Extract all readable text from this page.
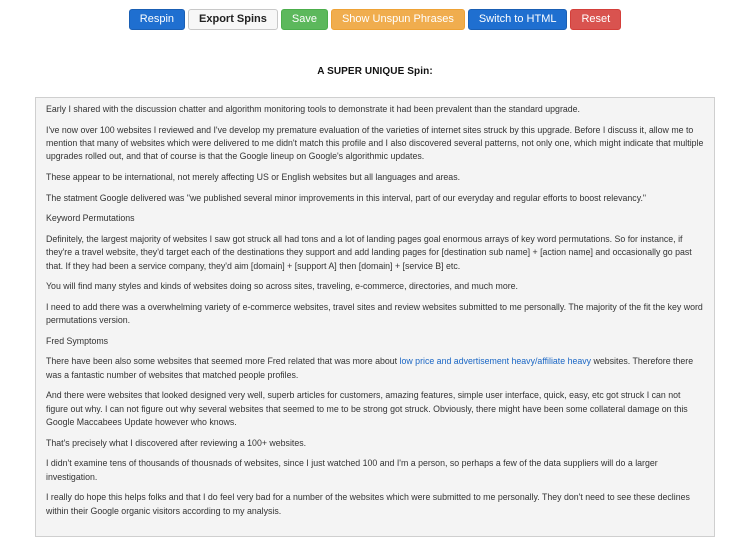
Respin	Export Spins	Save	Show Unspun Phrases	Switch to HTML	Reset
A SUPER UNIQUE Spin:

Early I shared with the discussion chatter and algorithm monitoring tools to demonstrate it had been prevalent than the standard upgrade.

I've now over 100 websites I reviewed and I've develop my premature evaluation of the varieties of internet sites struck by this upgrade. Before I discuss it, allow me to mention that many of websites which were delivered to me didn't match this profile and I also discovered several patterns, not only one, which might indicate that multiple upgrades rolled out, and that of course is that the Google lineup on Google's algorithmic updates.

These appear to be international, not merely affecting US or English websites but all languages and areas.

The statment Google delivered was "we published several minor improvements in this interval, part of our everyday and regular efforts to boost relevancy."

Keyword Permutations

Definitely, the largest majority of websites I saw got struck all had tons and a lot of landing pages goal enormous arrays of key word permutations. So for instance, if they're a travel website, they'd target each of the destinations they support and add landing pages for [destination sub name] + [action name] and occasionally go past that. If they had been a service company, they'd aim [domain] + [support A] then [domain] + [service B] etc.

You will find many styles and kinds of websites doing so across sites, traveling, e-commerce, directories, and much more.

I need to add there was a overwhelming variety of e-commerce websites, travel sites and review websites submitted to me personally. The majority of the fit the key word permutations version.

Fred Symptoms

There have been also some websites that seemed more Fred related that was more about low price and advertisement heavy/affiliate heavy websites. Therefore there was a fantastic number of websites that matched people profiles.

And there were websites that looked designed very well, superb articles for customers, amazing features, simple user interface, quick, easy, etc got struck I can not figure out why. I can not figure out why several websites that seemed to me to be strong got struck. Obviously, there might have been some collateral damage on this Google Maccabees Update however who knows.

That's precisely what I discovered after reviewing a 100+ websites.

I didn't examine tens of thousands of thousnads of websites, since I just watched 100 and I'm a person, so perhaps a few of the data suppliers will do a larger investigation.

I really do hope this helps folks and that I do feel very bad for a number of the websites which were submitted to me personally. They don't need to see these declines within their Google organic visitors according to my analysis.
